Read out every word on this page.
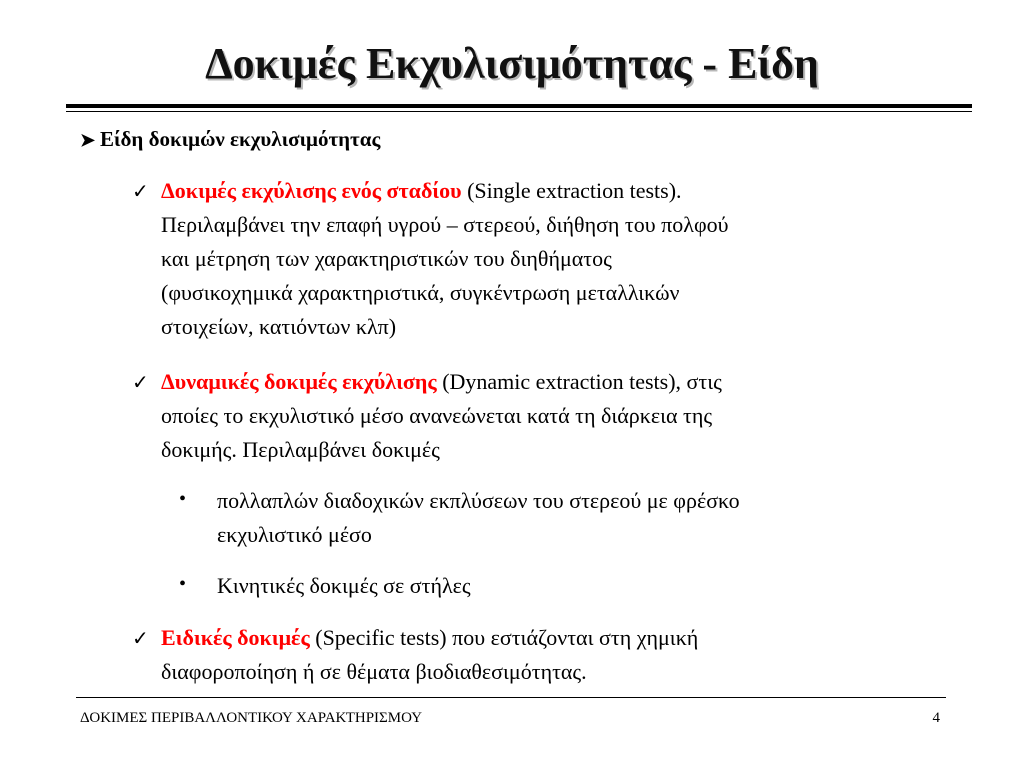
Δοκιμές Εκχυλισιμότητας - Είδη
➤ Είδη δοκιμών εκχυλισιμότητας
✓ Δοκιμές εκχύλισης ενός σταδίου (Single extraction tests).
Περιλαμβάνει την επαφή υγρού – στερεού, διήθηση του πολφού
και μέτρηση των χαρακτηριστικών του διηθήματος
(φυσικοχημικά χαρακτηριστικά, συγκέντρωση μεταλλικών
στοιχείων, κατιόντων κλπ)
✓ Δυναμικές δοκιμές εκχύλισης (Dynamic extraction tests), στις
οποίες το εκχυλιστικό μέσο ανανεώνεται κατά τη διάρκεια της
δοκιμής. Περιλαμβάνει δοκιμές
• πολλαπλών διαδοχικών εκπλύσεων του στερεού με φρέσκο
εκχυλιστικό μέσο
• Κινητικές δοκιμές σε στήλες
✓ Ειδικές δοκιμές (Specific tests) που εστιάζονται στη χημική
διαφοροποίηση ή σε θέματα βιοδιαθεσιμότητας.
ΔΟΚΙΜΕΣ ΠΕΡΙΒΑΛΛΟΝΤΙΚΟΥ ΧΑΡΑΚΤΗΡΙΣΜΟΥ	4
